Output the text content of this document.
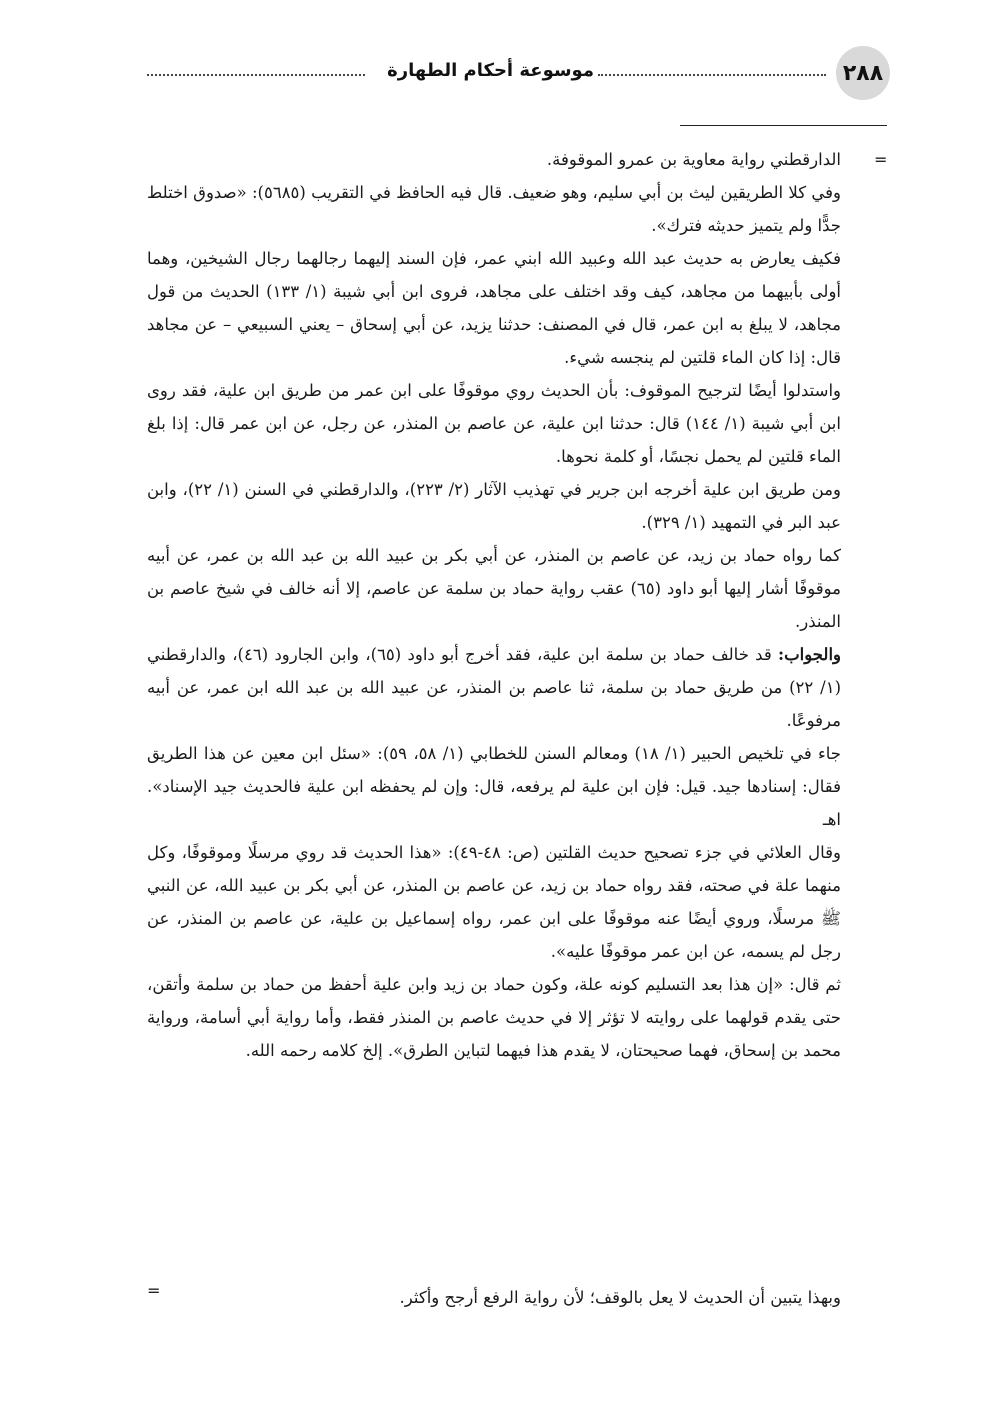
٢٨٨
موسوعة أحكام الطهارة
=

الدارقطني رواية معاوية بن عمرو الموقوفة.

وفي كلا الطريقين ليث بن أبي سليم، وهو ضعيف. قال فيه الحافظ في التقريب (٥٦٨٥): «صدوق اختلط جدًّا ولم يتميز حديثه فترك».

فكيف يعارض به حديث عبد الله وعبيد الله ابني عمر، فإن السند إليهما رجالهما رجال الشيخين، وهما أولى بأبيهما من مجاهد، كيف وقد اختلف على مجاهد، فروى ابن أبي شيبة (١/ ١٣٣) الحديث من قول مجاهد، لا يبلغ به ابن عمر، قال في المصنف: حدثنا يزيد، عن أبي إسحاق – يعني السبيعي – عن مجاهد قال: إذا كان الماء قلتين لم ينجسه شيء.

واستدلوا أيضًا لترجيح الموقوف: بأن الحديث روي موقوفًا على ابن عمر من طريق ابن علية، فقد روى ابن أبي شيبة (١/ ١٤٤) قال: حدثنا ابن علية، عن عاصم بن المنذر، عن رجل، عن ابن عمر قال: إذا بلغ الماء قلتين لم يحمل نجسًا، أو كلمة نحوها.

ومن طريق ابن علية أخرجه ابن جرير في تهذيب الآثار (٢/ ٢٢٣)، والدارقطني في السنن (١/ ٢٢)، وابن عبد البر في التمهيد (١/ ٣٢٩).

كما رواه حماد بن زيد، عن عاصم بن المنذر، عن أبي بكر بن عبيد الله بن عبد الله بن عمر، عن أبيه موقوفًا أشار إليها أبو داود (٦٥) عقب رواية حماد بن سلمة عن عاصم، إلا أنه خالف في شيخ عاصم بن المنذر.

والجواب: قد خالف حماد بن سلمة ابن علية، فقد أخرج أبو داود (٦٥)، وابن الجارود (٤٦)، والدارقطني (١/ ٢٢) من طريق حماد بن سلمة، ثنا عاصم بن المنذر، عن عبيد الله بن عبد الله ابن عمر، عن أبيه مرفوعًا.

جاء في تلخيص الحبير (١/ ١٨) ومعالم السنن للخطابي (١/ ٥٨، ٥٩): «سئل ابن معين عن هذا الطريق فقال: إسنادها جيد. قيل: فإن ابن علية لم يرفعه، قال: وإن لم يحفظه ابن علية فالحديث جيد الإسناد». اهـ

وقال العلائي في جزء تصحيح حديث القلتين (ص: ٤٨-٤٩): «هذا الحديث قد روي مرسلًا وموقوفًا، وكل منهما علة في صحته، فقد رواه حماد بن زيد، عن عاصم بن المنذر، عن أبي بكر بن عبيد الله، عن النبي ﷺ مرسلًا، وروي أيضًا عنه موقوفًا على ابن عمر، رواه إسماعيل بن علية، عن عاصم بن المنذر، عن رجل لم يسمه، عن ابن عمر موقوفًا عليه».

ثم قال: «إن هذا بعد التسليم كونه علة، وكون حماد بن زيد وابن علية أحفظ من حماد بن سلمة وأتقن، حتى يقدم قولهما على روايته لا تؤثر إلا في حديث عاصم بن المنذر فقط، وأما رواية أبي أسامة، ورواية محمد بن إسحاق، فهما صحيحتان، لا يقدم هذا فيهما لتباين الطرق». إلخ كلامه رحمه الله.

وبهذا يتبين أن الحديث لا يعل بالوقف؛ لأن رواية الرفع أرجح وأكثر.
=
